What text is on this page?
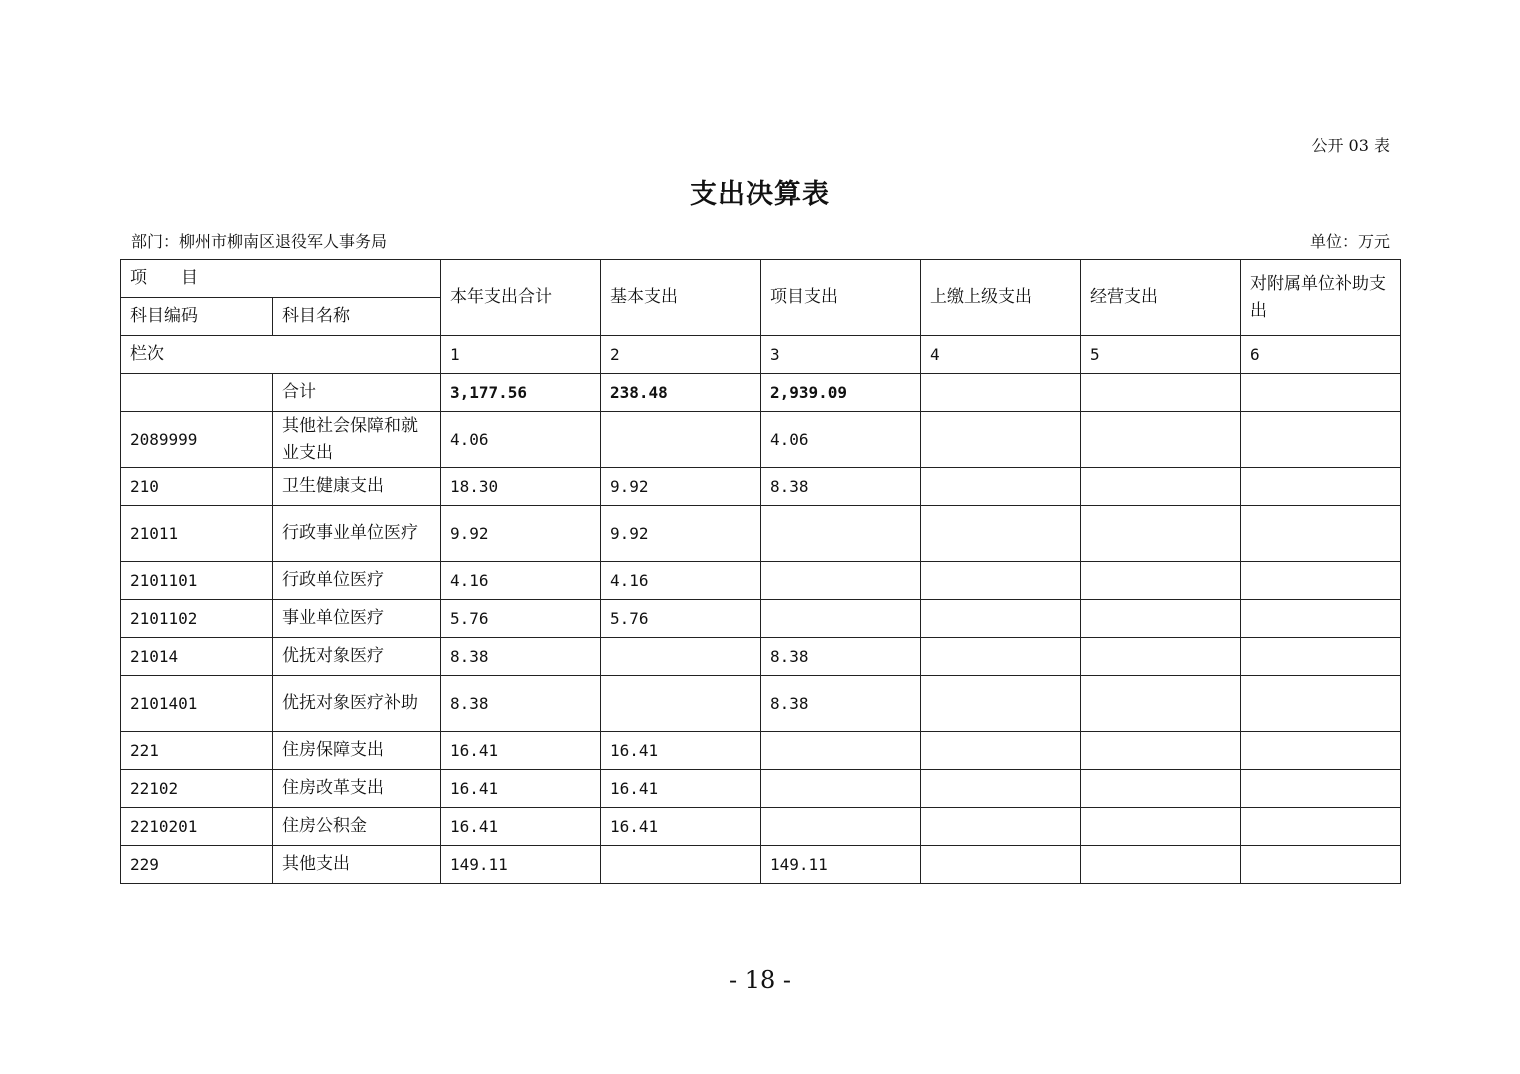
公开 03 表
支出决算表
部门：柳州市柳南区退役军人事务局	单位：万元
项　　目		本年支出合计	基本支出	项目支出	上缴上级支出	经营支出	对附属单位补助支出
科目编码	科目名称						
栏次		1	2	3	4	5	6
	合计	3,177.56	238.48	2,939.09			
2089999	其他社会保障和就业支出	4.06		4.06			
210	卫生健康支出	18.30	9.92	8.38			
21011	行政事业单位医疗	9.92	9.92				
2101101	行政单位医疗	4.16	4.16				
2101102	事业单位医疗	5.76	5.76				
21014	优抚对象医疗	8.38		8.38			
2101401	优抚对象医疗补助	8.38		8.38			
221	住房保障支出	16.41	16.41				
22102	住房改革支出	16.41	16.41				
2210201	住房公积金	16.41	16.41				
229	其他支出	149.11		149.11			
- 18 -
